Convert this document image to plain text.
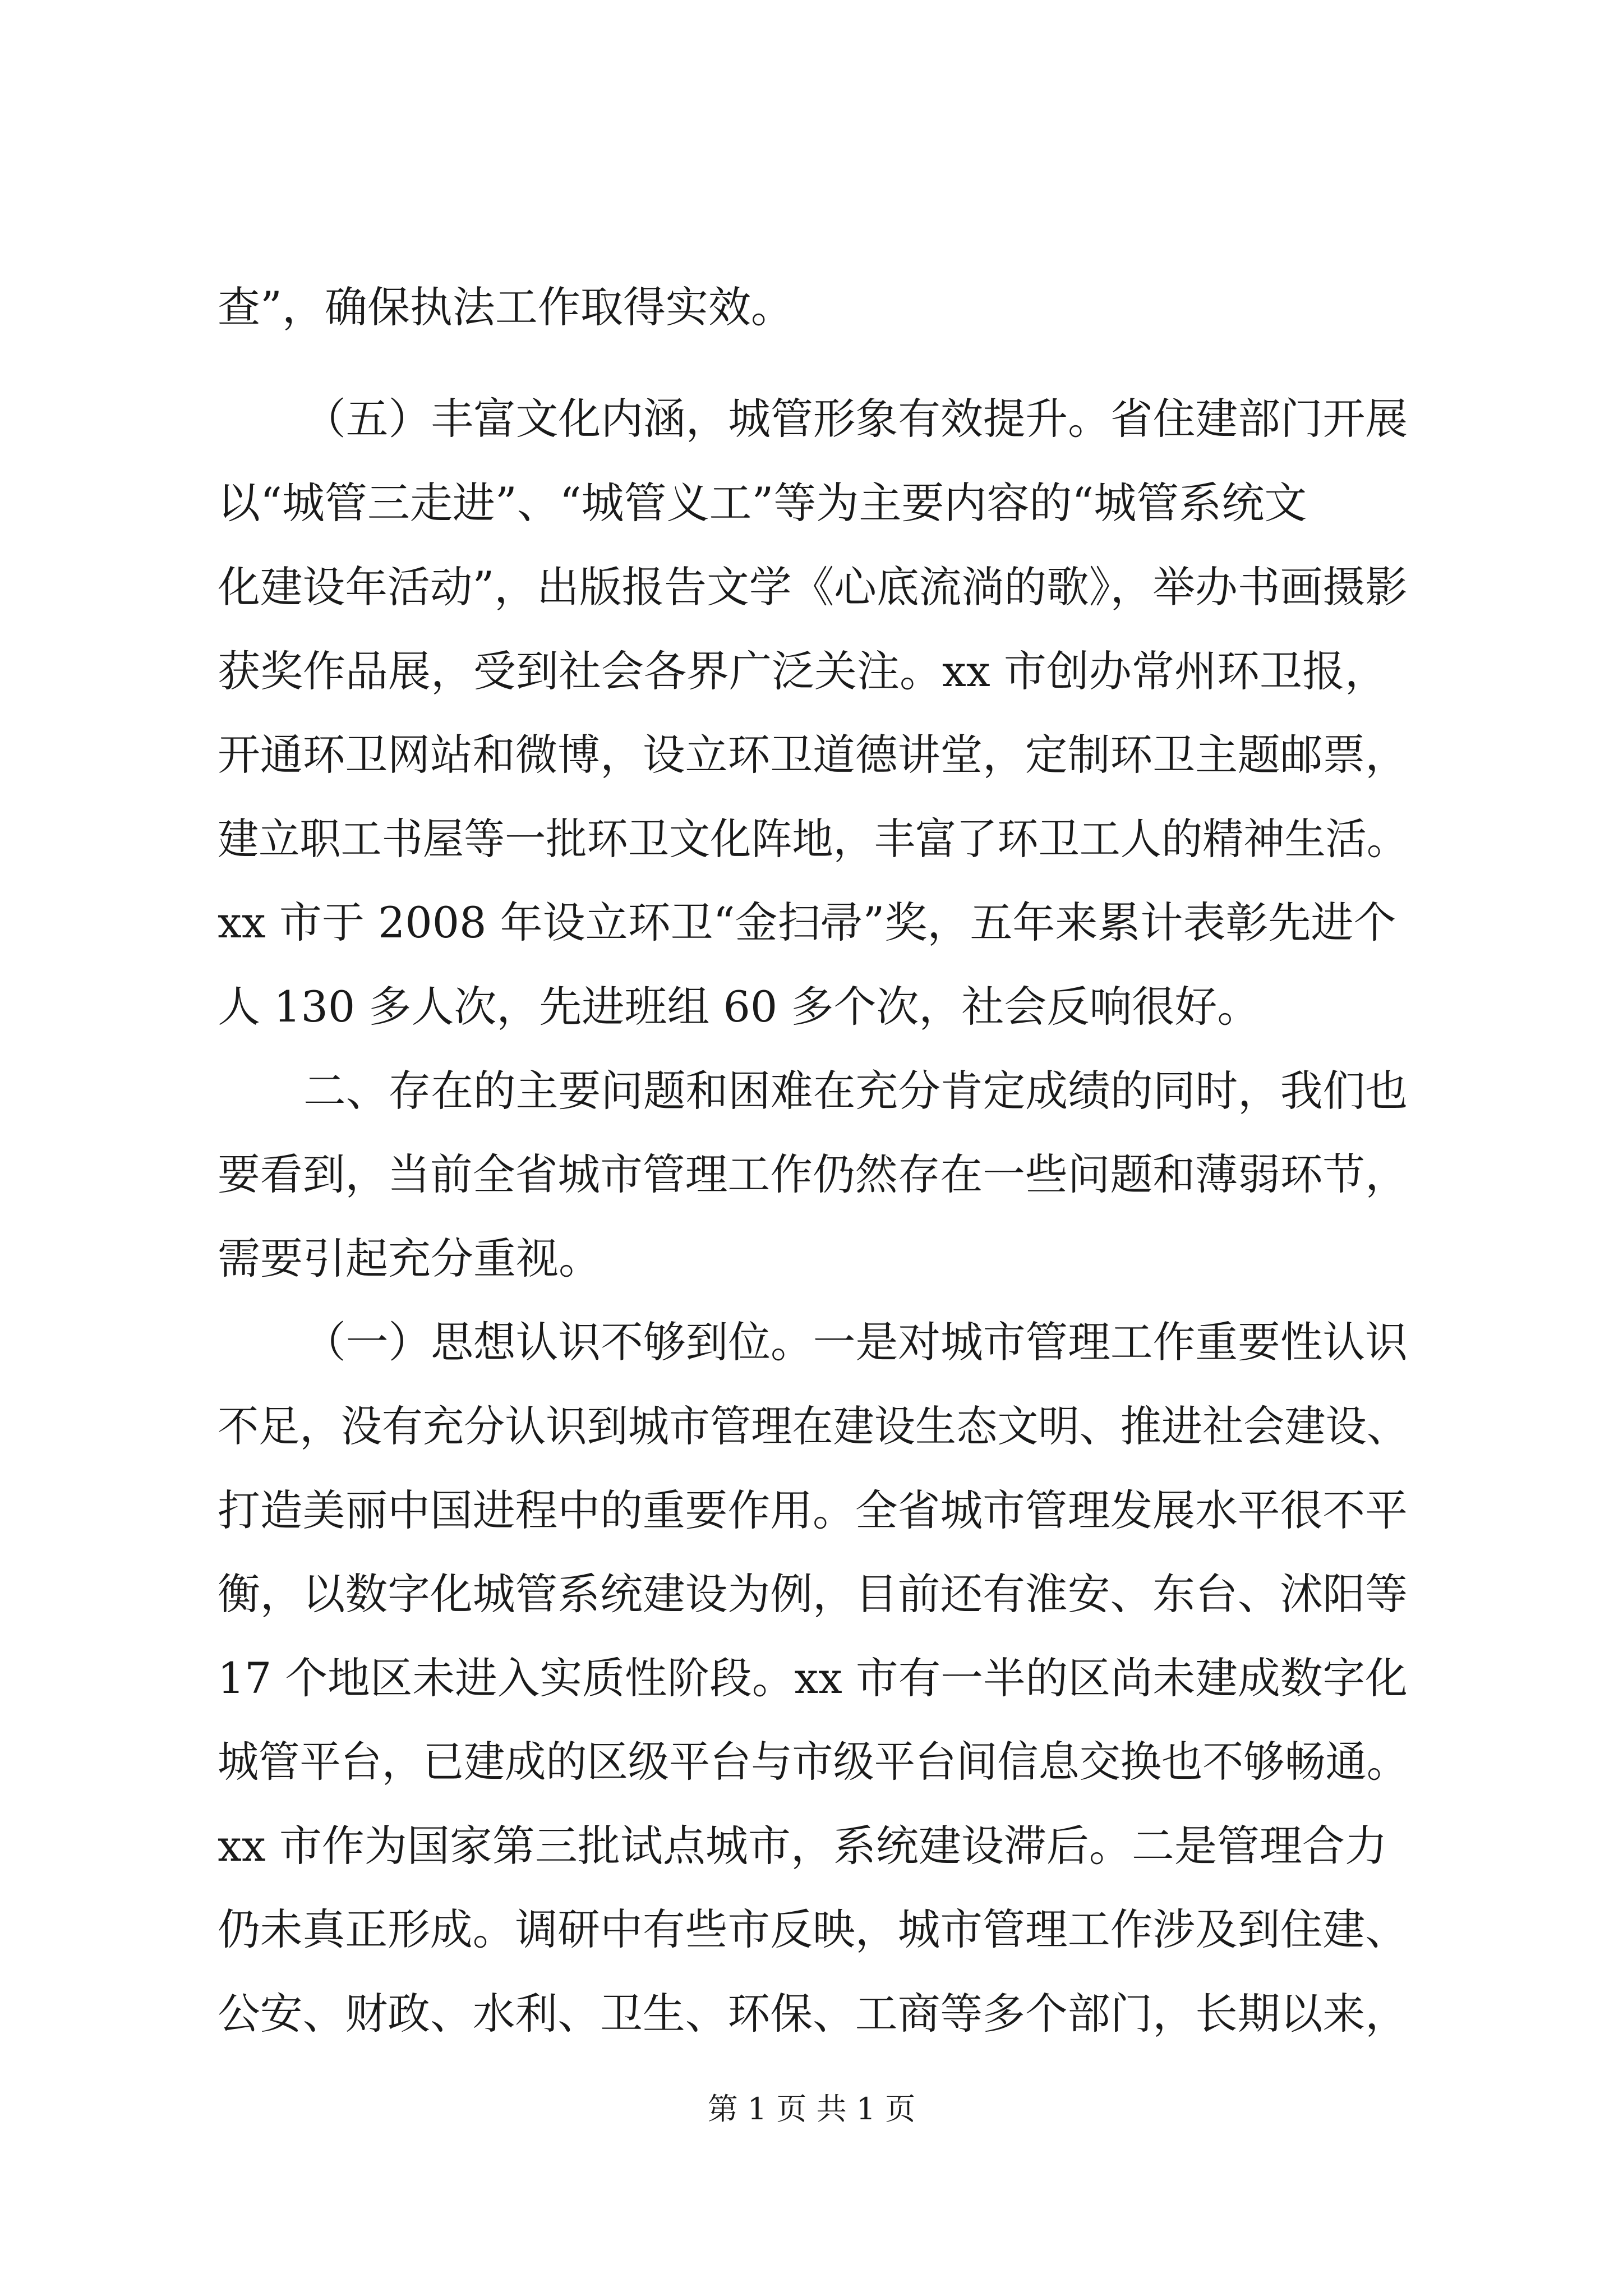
查”，确保执法工作取得实效。
（五）丰富文化内涵，城管形象有效提升。省住建部门开展
以“城管三走进”、“城管义工”等为主要内容的“城管系统文
化建设年活动”，出版报告文学《心底流淌的歌》，举办书画摄影
获奖作品展，受到社会各界广泛关注。xx 市创办常州环卫报，
开通环卫网站和微博，设立环卫道德讲堂，定制环卫主题邮票，
建立职工书屋等一批环卫文化阵地，丰富了环卫工人的精神生活。
xx 市于 2008 年设立环卫“金扫帚”奖，五年来累计表彰先进个
人 130 多人次，先进班组 60 多个次，社会反响很好。
二、存在的主要问题和困难在充分肯定成绩的同时，我们也
要看到，当前全省城市管理工作仍然存在一些问题和薄弱环节，
需要引起充分重视。
（一）思想认识不够到位。一是对城市管理工作重要性认识
不足，没有充分认识到城市管理在建设生态文明、推进社会建设、
打造美丽中国进程中的重要作用。全省城市管理发展水平很不平
衡，以数字化城管系统建设为例，目前还有淮安、东台、沭阳等
17 个地区未进入实质性阶段。xx 市有一半的区尚未建成数字化
城管平台，已建成的区级平台与市级平台间信息交换也不够畅通。
xx 市作为国家第三批试点城市，系统建设滞后。二是管理合力
仍未真正形成。调研中有些市反映，城市管理工作涉及到住建、
公安、财政、水利、卫生、环保、工商等多个部门，长期以来，
第 1 页 共 1 页
